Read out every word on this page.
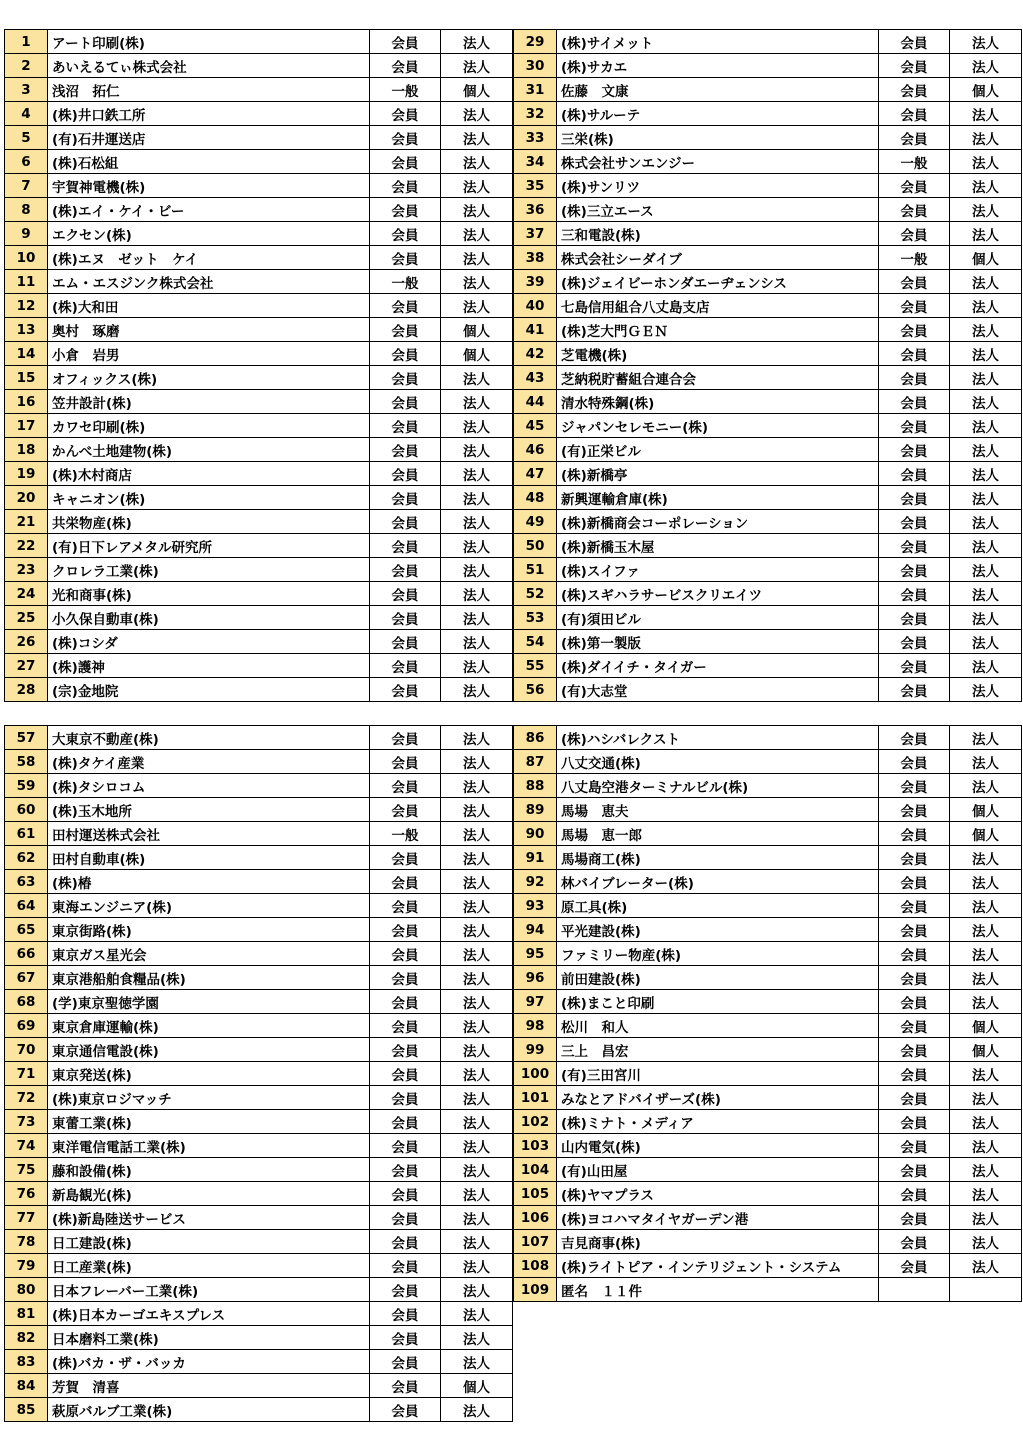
1	アート印刷(株)	会員	法人
2	あいえるてぃ株式会社	会員	法人
3	浅沼　拓仁	一般	個人
4	(株)井口鉄工所	会員	法人
5	(有)石井運送店	会員	法人
6	(株)石松組	会員	法人
7	宇賀神電機(株)	会員	法人
8	(株)エイ・ケイ・ビー	会員	法人
9	エクセン(株)	会員	法人
10	(株)エヌ　ゼット　ケイ	会員	法人
11	エム・エスジンク株式会社	一般	法人
12	(株)大和田	会員	法人
13	奥村　琢磨	会員	個人
14	小倉　岩男	会員	個人
15	オフィックス(株)	会員	法人
16	笠井設計(株)	会員	法人
17	カワセ印刷(株)	会員	法人
18	かんべ土地建物(株)	会員	法人
19	(株)木村商店	会員	法人
20	キャニオン(株)	会員	法人
21	共栄物産(株)	会員	法人
22	(有)日下レアメタル研究所	会員	法人
23	クロレラ工業(株)	会員	法人
24	光和商事(株)	会員	法人
25	小久保自動車(株)	会員	法人
26	(株)コシダ	会員	法人
27	(株)護神	会員	法人
28	(宗)金地院	会員	法人
29	(株)サイメット	会員	法人
30	(株)サカエ	会員	法人
31	佐藤　文康	会員	個人
32	(株)サルーテ	会員	法人
33	三栄(株)	会員	法人
34	株式会社サンエンジー	一般	法人
35	(株)サンリツ	会員	法人
36	(株)三立エース	会員	法人
37	三和電設(株)	会員	法人
38	株式会社シーダイブ	一般	個人
39	(株)ジェイビーホンダエーヂェンシス	会員	法人
40	七島信用組合八丈島支店	会員	法人
41	(株)芝大門ＧＥＮ	会員	法人
42	芝電機(株)	会員	法人
43	芝納税貯蓄組合連合会	会員	法人
44	清水特殊鋼(株)	会員	法人
45	ジャパンセレモニー(株)	会員	法人
46	(有)正栄ビル	会員	法人
47	(株)新橋亭	会員	法人
48	新興運輸倉庫(株)	会員	法人
49	(株)新橋商会コーポレーション	会員	法人
50	(株)新橋玉木屋	会員	法人
51	(株)スイファ	会員	法人
52	(株)スギハラサービスクリエイツ	会員	法人
53	(有)須田ビル	会員	法人
54	(株)第一製版	会員	法人
55	(株)ダイイチ・タイガー	会員	法人
56	(有)大志堂	会員	法人
57	大東京不動産(株)	会員	法人
58	(株)タケイ産業	会員	法人
59	(株)タシロコム	会員	法人
60	(株)玉木地所	会員	法人
61	田村運送株式会社	一般	法人
62	田村自動車(株)	会員	法人
63	(株)椿	会員	法人
64	東海エンジニア(株)	会員	法人
65	東京街路(株)	会員	法人
66	東京ガス星光会	会員	法人
67	東京港船舶食糧品(株)	会員	法人
68	(学)東京聖徳学園	会員	法人
69	東京倉庫運輸(株)	会員	法人
70	東京通信電設(株)	会員	法人
71	東京発送(株)	会員	法人
72	(株)東京ロジマッチ	会員	法人
73	東蕾工業(株)	会員	法人
74	東洋電信電話工業(株)	会員	法人
75	藤和設備(株)	会員	法人
76	新島観光(株)	会員	法人
77	(株)新島陸送サービス	会員	法人
78	日工建設(株)	会員	法人
79	日工産業(株)	会員	法人
80	日本フレーバー工業(株)	会員	法人
81	(株)日本カーゴエキスプレス	会員	法人
82	日本磨料工業(株)	会員	法人
83	(株)バカ・ザ・バッカ	会員	法人
84	芳賀　清喜	会員	個人
85	萩原バルブ工業(株)	会員	法人
86	(株)ハシバレクスト	会員	法人
87	八丈交通(株)	会員	法人
88	八丈島空港ターミナルビル(株)	会員	法人
89	馬場　恵夫	会員	個人
90	馬場　恵一郎	会員	個人
91	馬場商工(株)	会員	法人
92	林バイブレーター(株)	会員	法人
93	原工具(株)	会員	法人
94	平光建設(株)	会員	法人
95	ファミリー物産(株)	会員	法人
96	前田建設(株)	会員	法人
97	(株)まこと印刷	会員	法人
98	松川　和人	会員	個人
99	三上　昌宏	会員	個人
100	(有)三田宮川	会員	法人
101	みなとアドバイザーズ(株)	会員	法人
102	(株)ミナト・メディア	会員	法人
103	山内電気(株)	会員	法人
104	(有)山田屋	会員	法人
105	(株)ヤマプラス	会員	法人
106	(株)ヨコハマタイヤガーデン港	会員	法人
107	吉見商事(株)	会員	法人
108	(株)ライトピア・インテリジェント・システム	会員	法人
109	匿名　１１件		
